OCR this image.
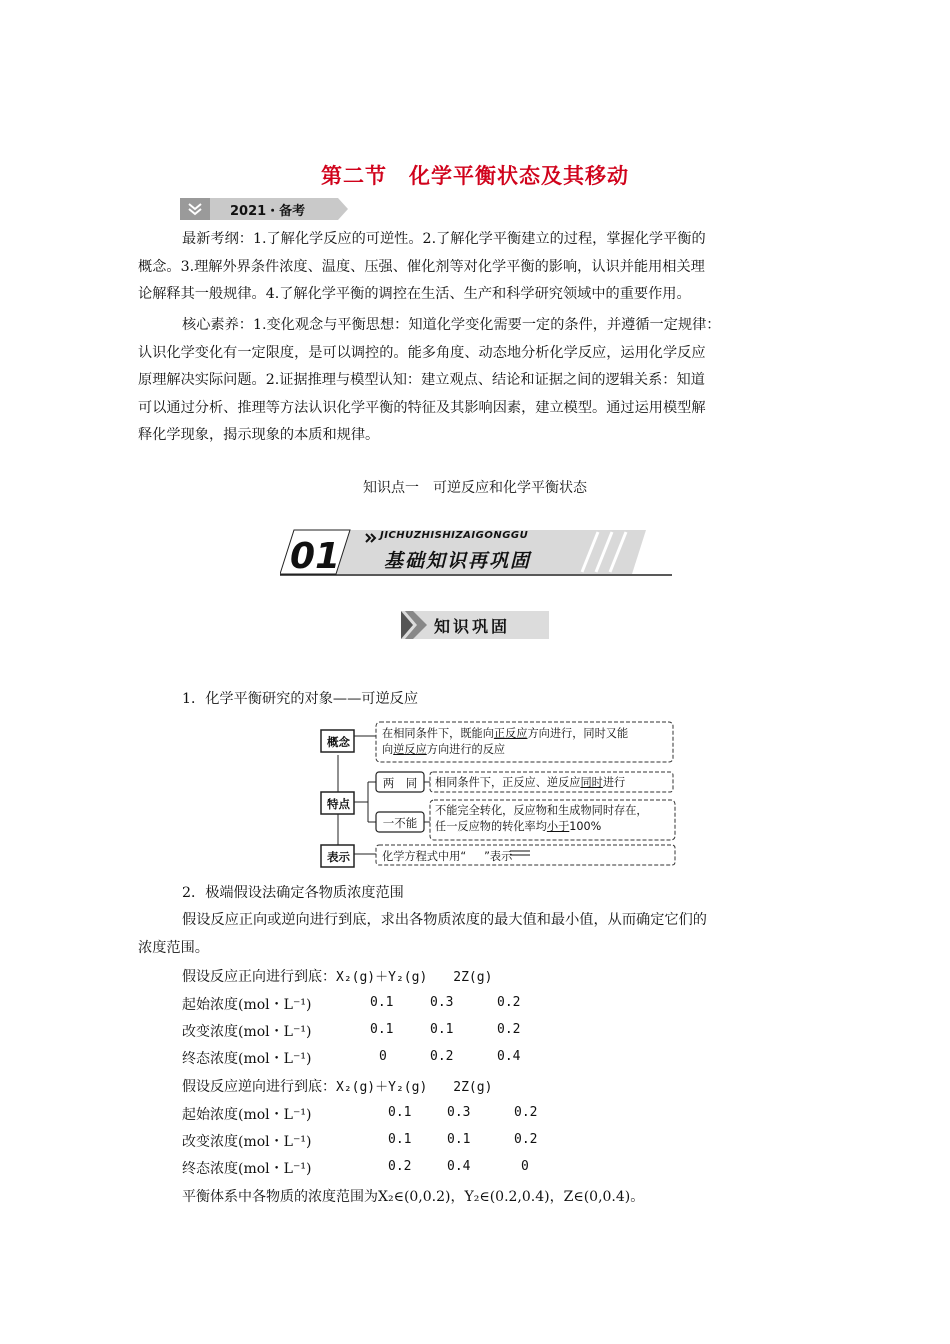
第二节　化学平衡状态及其移动
2021・备考
最新考纲：1.了解化学反应的可逆性。2.了解化学平衡建立的过程，掌握化学平衡的
概念。3.理解外界条件浓度、温度、压强、催化剂等对化学平衡的影响，认识并能用相关理
论解释其一般规律。4.了解化学平衡的调控在生活、生产和科学研究领域中的重要作用。
核心素养：1.变化观念与平衡思想：知道化学变化需要一定的条件，并遵循一定规律：
认识化学变化有一定限度，是可以调控的。能多角度、动态地分析化学反应，运用化学反应
原理解决实际问题。2.证据推理与模型认知：建立观点、结论和证据之间的逻辑关系：知道
可以通过分析、推理等方法认识化学平衡的特征及其影响因素，建立模型。通过运用模型解
释化学现象，揭示现象的本质和规律。
知识点一　可逆反应和化学平衡状态
01
JICHUZHISHIZAIGONGGU
基础知识再巩固
知识巩固
1．化学平衡研究的对象——可逆反应
概念
特点
表示
两　同
一不能
在相同条件下，既能向正反应方向进行，同时又能
向逆反应方向进行的反应
相同条件下，正反应、逆反应同时进行
不能完全转化，反应物和生成物同时存在，
任一反应物的转化率均小于100%
化学方程式中用“ ”表示
2．极端假设法确定各物质浓度范围
假设反应正向或逆向进行到底，求出各物质浓度的最大值和最小值，从而确定它们的
浓度范围。
假设反应正向进行到底：X₂(g)＋Y₂(g)　　2Z(g)
起始浓度(mol・L⁻¹)	0.1	0.3	0.2
改变浓度(mol・L⁻¹)	0.1	0.1	0.2
终态浓度(mol・L⁻¹)	0	0.2	0.4
假设反应逆向进行到底：X₂(g)＋Y₂(g)　　2Z(g)
起始浓度(mol・L⁻¹)	0.1	0.3	0.2
改变浓度(mol・L⁻¹)	0.1	0.1	0.2
终态浓度(mol・L⁻¹)	0.2	0.4	0
平衡体系中各物质的浓度范围为X₂∈(0,0.2)，Y₂∈(0.2,0.4)，Z∈(0,0.4)。
